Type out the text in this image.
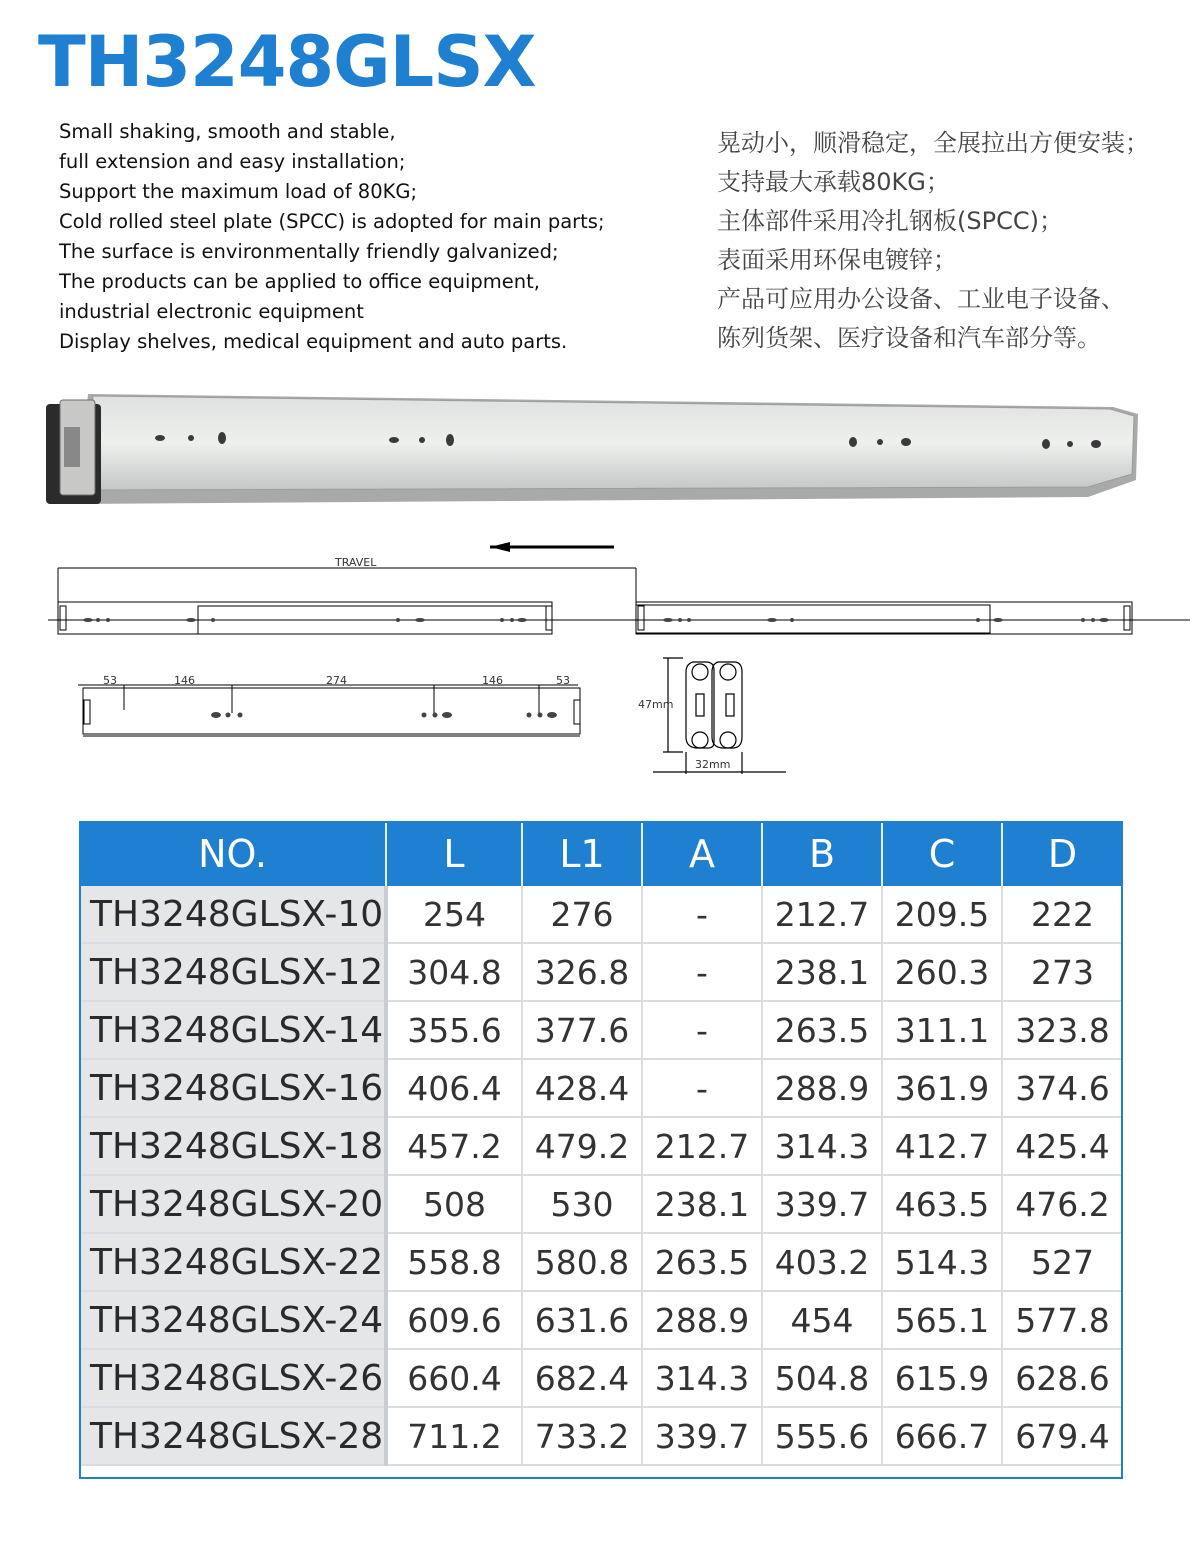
TH3248GLSX
Small shaking, smooth and stable,
full extension and easy installation;
Support the maximum load of 80KG;
Cold rolled steel plate (SPCC) is adopted for main parts;
The surface is environmentally friendly galvanized;
The products can be applied to office equipment,
industrial electronic equipment
Display shelves, medical equipment and auto parts.
晃动小，顺滑稳定，全展拉出方便安装；
支持最大承载80KG；
主体部件采用冷扎钢板(SPCC)；
表面采用环保电镀锌；
产品可应用办公设备、工业电子设备、
陈列货架、医疗设备和汽车部分等。
TRAVEL
53	146	274	146	53
47mm
32mm
NO.	L	L1	A	B	C	D
TH3248GLSX-10	254	276	-	212.7	209.5	222
TH3248GLSX-12	304.8	326.8	-	238.1	260.3	273
TH3248GLSX-14	355.6	377.6	-	263.5	311.1	323.8
TH3248GLSX-16	406.4	428.4	-	288.9	361.9	374.6
TH3248GLSX-18	457.2	479.2	212.7	314.3	412.7	425.4
TH3248GLSX-20	508	530	238.1	339.7	463.5	476.2
TH3248GLSX-22	558.8	580.8	263.5	403.2	514.3	527
TH3248GLSX-24	609.6	631.6	288.9	454	565.1	577.8
TH3248GLSX-26	660.4	682.4	314.3	504.8	615.9	628.6
TH3248GLSX-28	711.2	733.2	339.7	555.6	666.7	679.4
